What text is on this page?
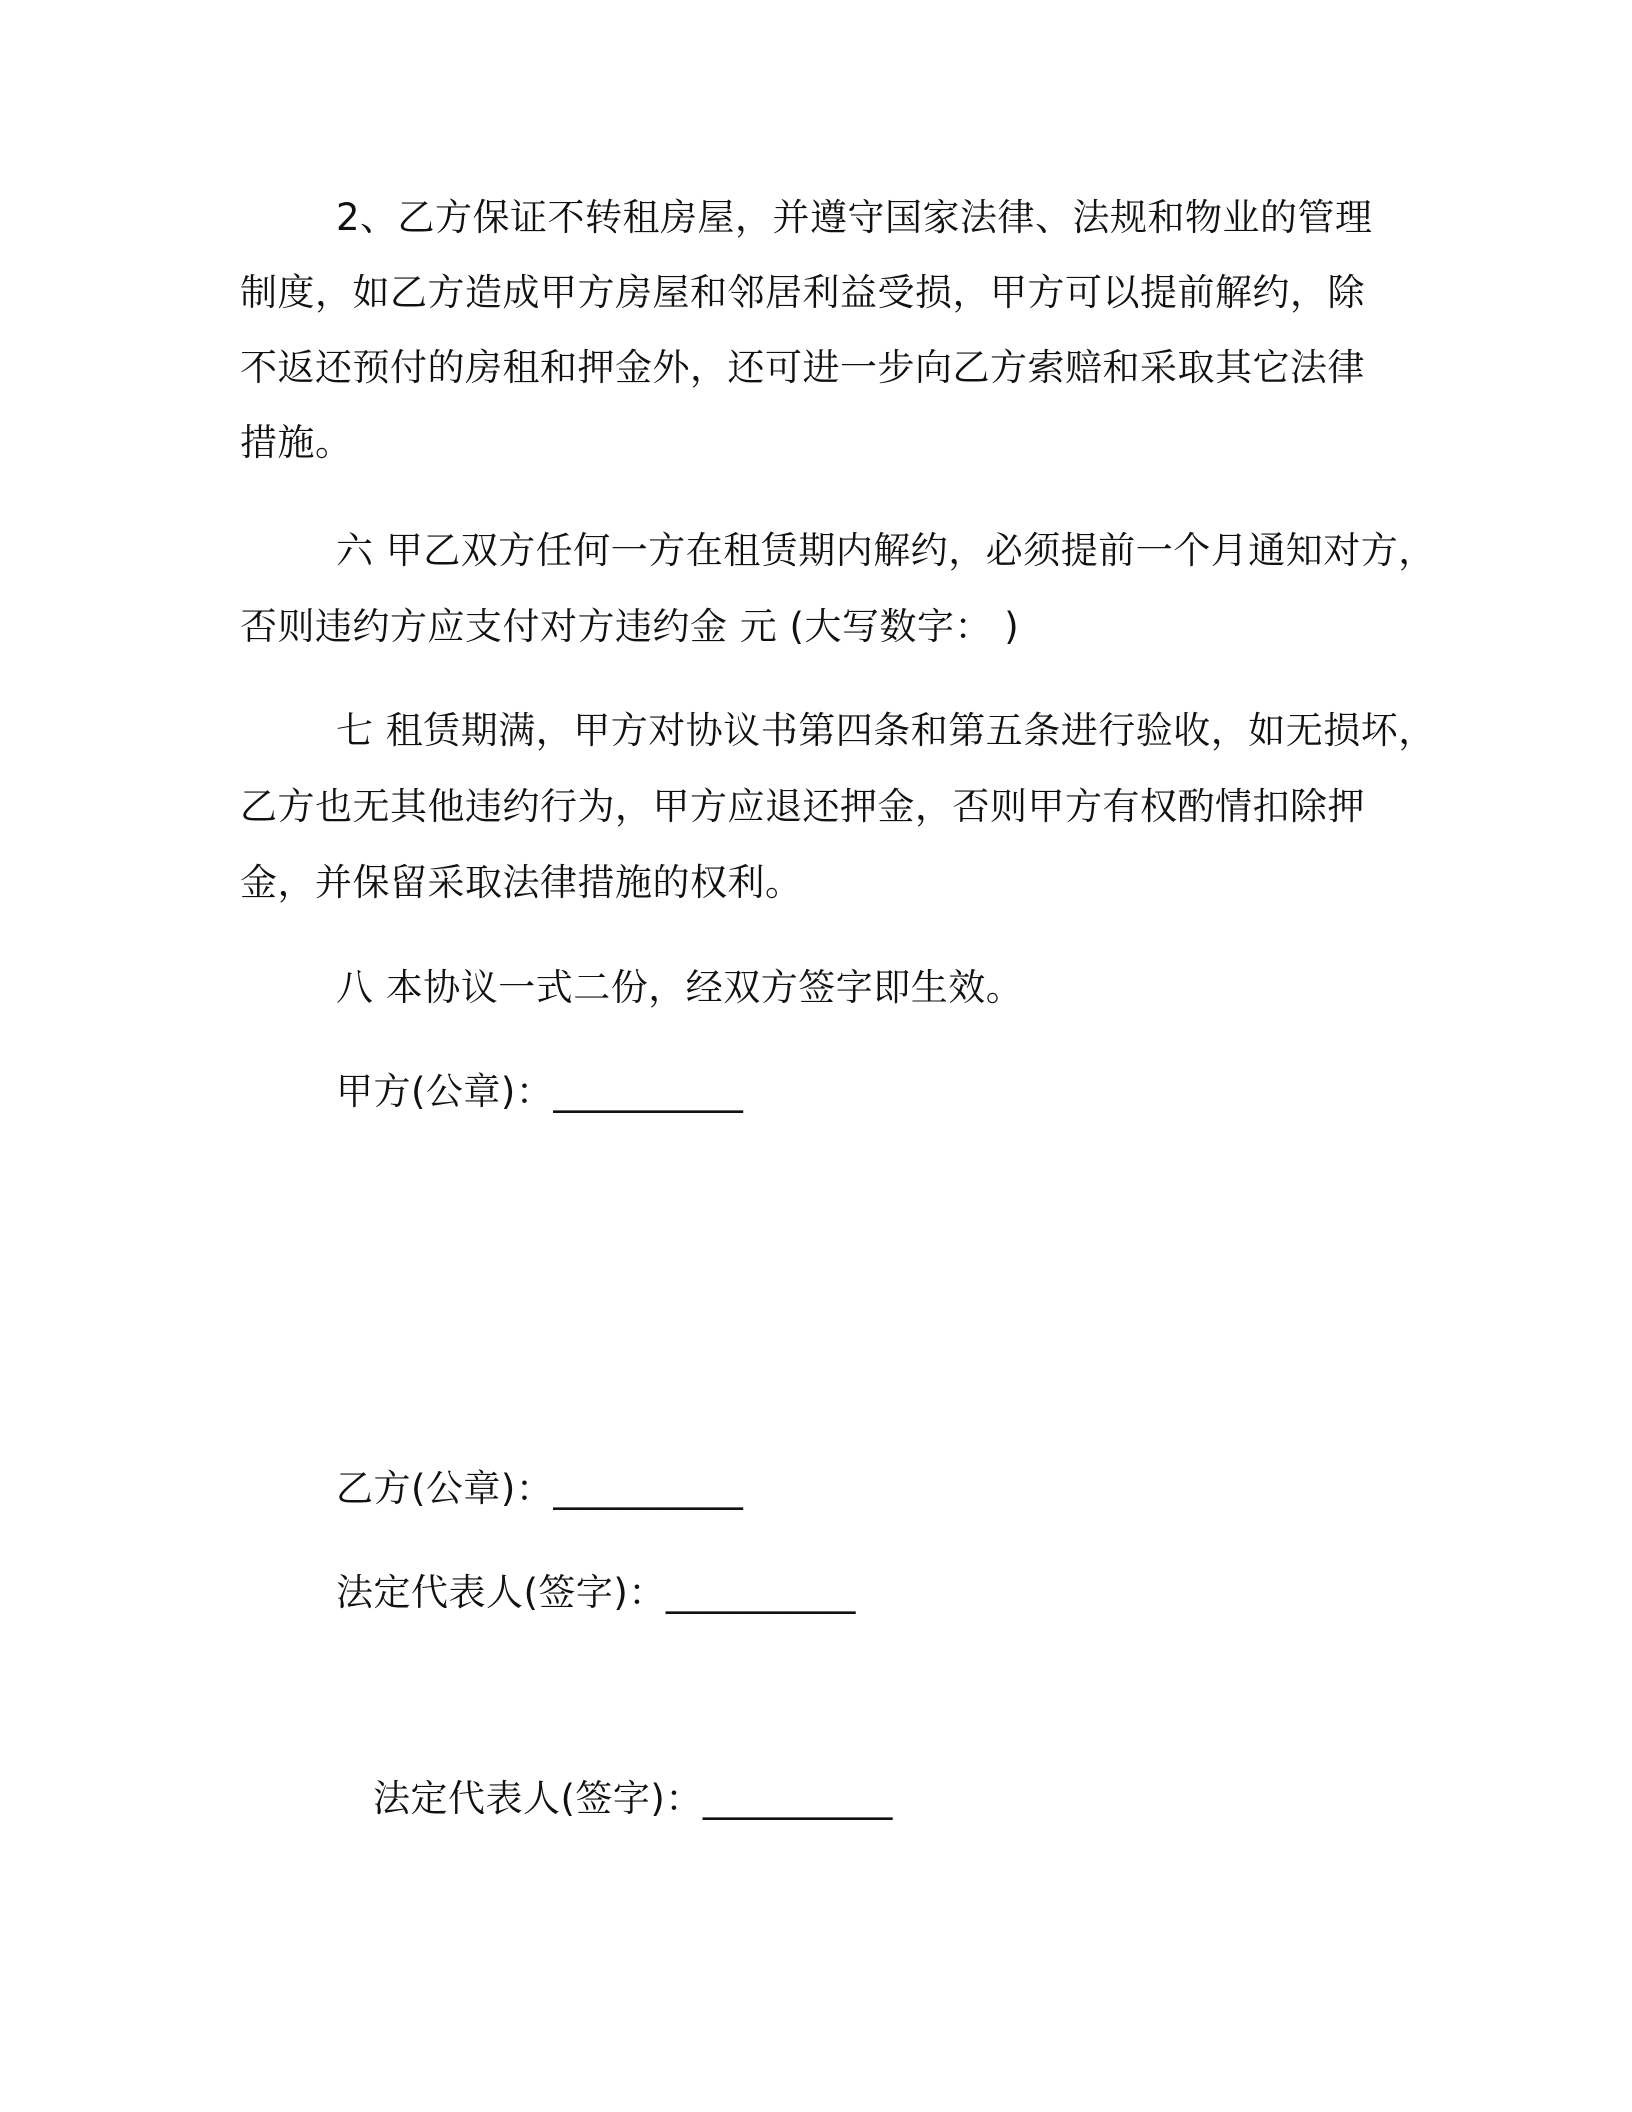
2、乙方保证不转租房屋，并遵守国家法律、法规和物业的管理
制度，如乙方造成甲方房屋和邻居利益受损，甲方可以提前解约，除
不返还预付的房租和押金外，还可进一步向乙方索赔和采取其它法律
措施。
六 甲乙双方任何一方在租赁期内解约，必须提前一个月通知对方，
否则违约方应支付对方违约金 元 (大写数字： )
七 租赁期满，甲方对协议书第四条和第五条进行验收，如无损坏，
乙方也无其他违约行为，甲方应退还押金，否则甲方有权酌情扣除押
金，并保留采取法律措施的权利。
八 本协议一式二份，经双方签字即生效。
甲方(公章)：__________
乙方(公章)：__________
法定代表人(签字)：__________
法定代表人(签字)：__________
